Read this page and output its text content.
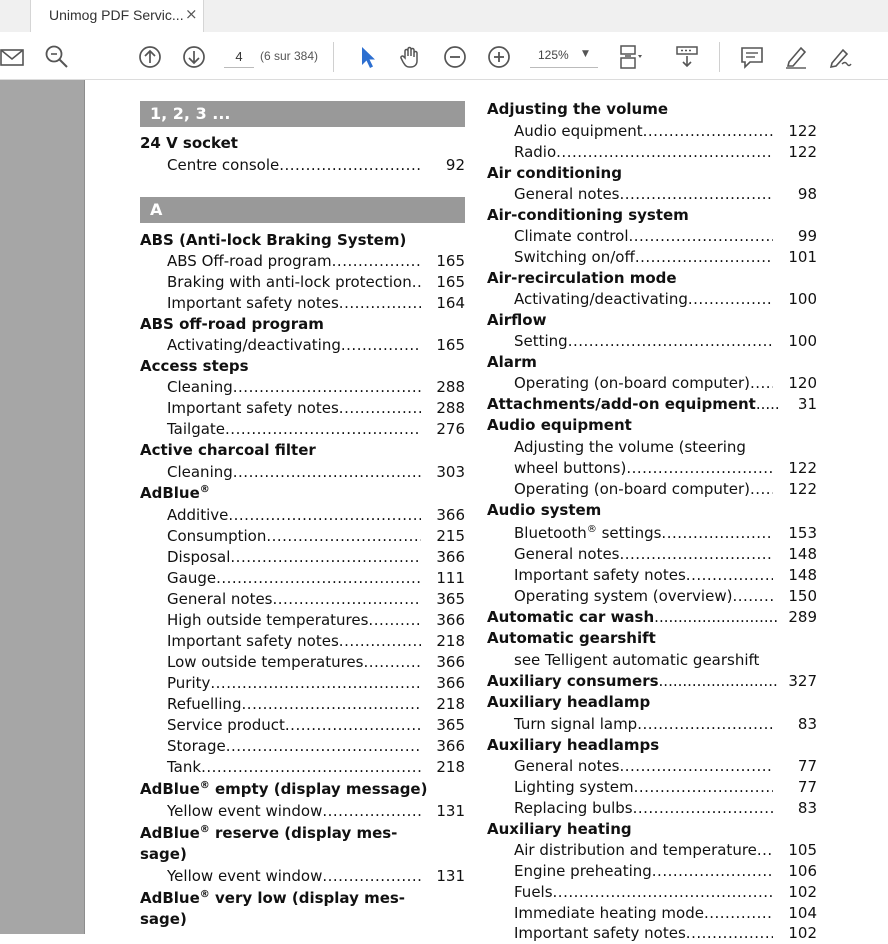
Unimog PDF Servic... ×
4
(6 sur 384)	125% ▼
1, 2, 3 ...
24 V socket
Centre console .....	92
A
ABS (Anti-lock Braking System)
ABS Off-road program .....	165
Braking with anti-lock protection .....	165
Important safety notes .....	164
ABS off-road program
Activating/deactivating .....	165
Access steps
Cleaning .....	288
Important safety notes .....	288
Tailgate .....	276
Active charcoal filter
Cleaning .....	303
AdBlue®
Additive .....	366
Consumption .....	215
Disposal .....	366
Gauge .....	111
General notes .....	365
High outside temperatures .....	366
Important safety notes .....	218
Low outside temperatures .....	366
Purity .....	366
Refuelling .....	218
Service product .....	365
Storage .....	366
Tank .....	218
AdBlue® empty (display message)
Yellow event window .....	131
AdBlue® reserve (display mes-
sage)
Yellow event window .....	131
AdBlue® very low (display mes-
sage)
Adjusting the volume
Audio equipment .....	122
Radio .....	122
Air conditioning
General notes .....	98
Air-conditioning system
Climate control .....	99
Switching on/off .....	101
Air-recirculation mode
Activating/deactivating .....	100
Airflow
Setting .....	100
Alarm
Operating (on-board computer) .....	120
Attachments/add-on equipment .....	31
Audio equipment
Adjusting the volume (steering
wheel buttons) .....	122
Operating (on-board computer) .....	122
Audio system
Bluetooth® settings .....	153
General notes .....	148
Important safety notes .....	148
Operating system (overview) .....	150
Automatic car wash .....	289
Automatic gearshift
see Telligent automatic gearshift
Auxiliary consumers .....	327
Auxiliary headlamp
Turn signal lamp .....	83
Auxiliary headlamps
General notes .....	77
Lighting system .....	77
Replacing bulbs .....	83
Auxiliary heating
Air distribution and temperature .....	105
Engine preheating .....	106
Fuels .....	102
Immediate heating mode .....	104
Important safety notes .....	102
